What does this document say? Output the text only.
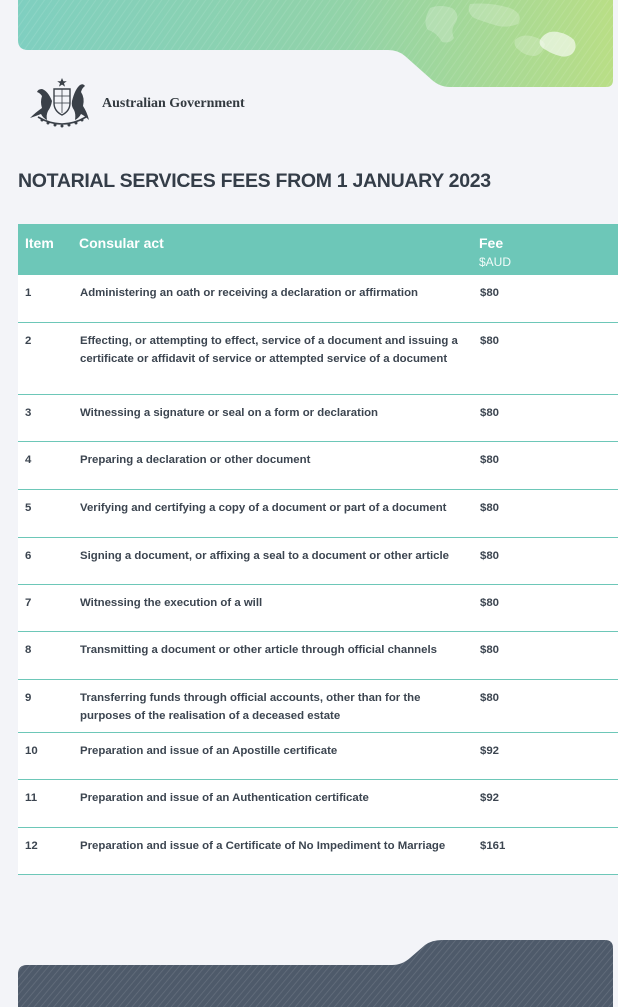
Australian Government
NOTARIAL SERVICES FEES FROM 1 JANUARY 2023
Item	Consular act	Fee
$AUD

1	Administering an oath or receiving a declaration or affirmation	$80
2	Effecting, or attempting to effect, service of a document and issuing a certificate or affidavit of service or attempted service of a document	$80
3	Witnessing a signature or seal on a form or declaration	$80
4	Preparing a declaration or other document	$80
5	Verifying and certifying a copy of a document or part of a document	$80
6	Signing a document, or affixing a seal to a document or other article	$80
7	Witnessing the execution of a will	$80
8	Transmitting a document or other article through official channels	$80
9	Transferring funds through official accounts, other than for the purposes of the realisation of a deceased estate	$80
10	Preparation and issue of an Apostille certificate	$92
11	Preparation and issue of an Authentication certificate	$92
12	Preparation and issue of a Certificate of No Impediment to Marriage	$161
